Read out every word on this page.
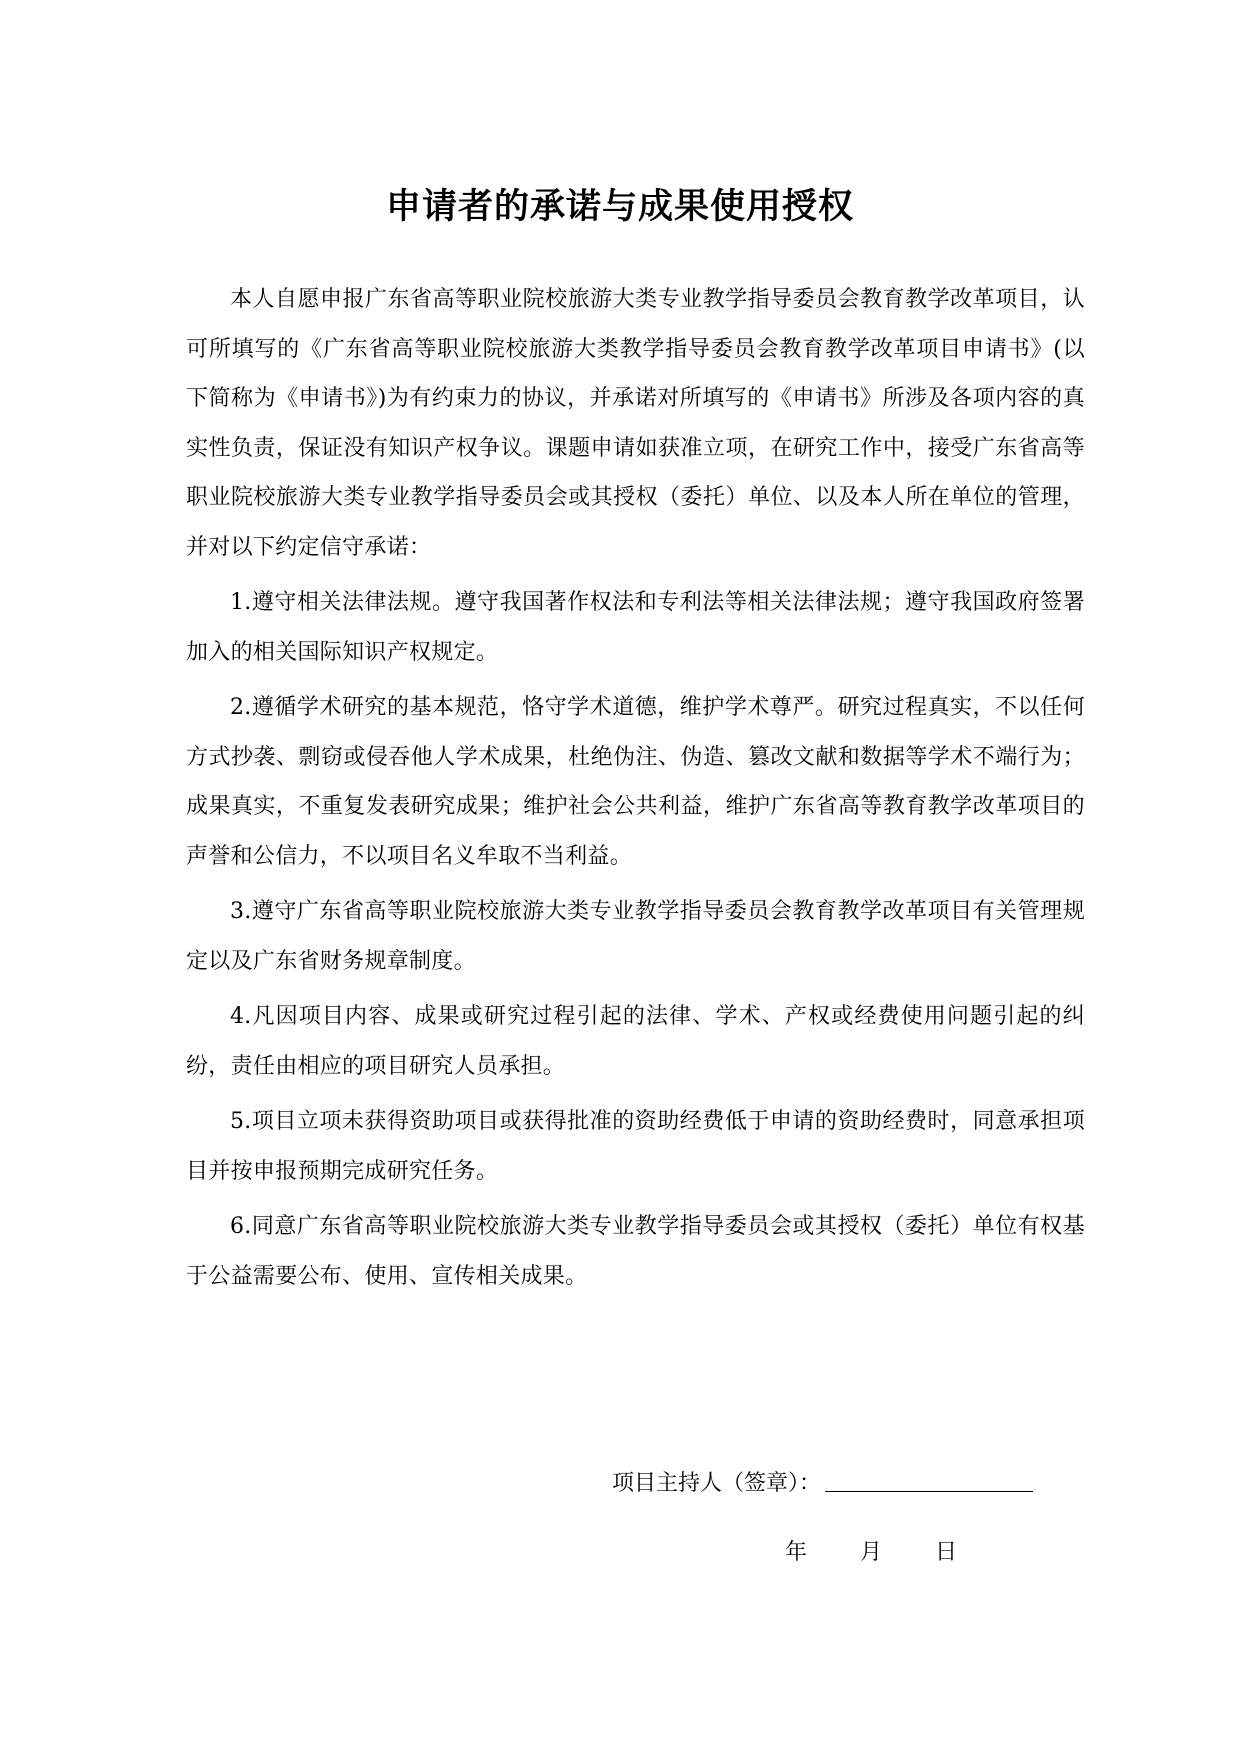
申请者的承诺与成果使用授权

本人自愿申报广东省高等职业院校旅游大类专业教学指导委员会教育教学改革项目，认可所填写的《广东省高等职业院校旅游大类教学指导委员会教育教学改革项目申请书》(以下简称为《申请书》)为有约束力的协议，并承诺对所填写的《申请书》所涉及各项内容的真实性负责，保证没有知识产权争议。课题申请如获准立项，在研究工作中，接受广东省高等职业院校旅游大类专业教学指导委员会或其授权（委托）单位、以及本人所在单位的管理，并对以下约定信守承诺：

1.遵守相关法律法规。遵守我国著作权法和专利法等相关法律法规；遵守我国政府签署加入的相关国际知识产权规定。

2.遵循学术研究的基本规范，恪守学术道德，维护学术尊严。研究过程真实，不以任何方式抄袭、剽窃或侵吞他人学术成果，杜绝伪注、伪造、篡改文献和数据等学术不端行为；成果真实，不重复发表研究成果；维护社会公共利益，维护广东省高等教育教学改革项目的声誉和公信力，不以项目名义牟取不当利益。

3.遵守广东省高等职业院校旅游大类专业教学指导委员会教育教学改革项目有关管理规定以及广东省财务规章制度。

4.凡因项目内容、成果或研究过程引起的法律、学术、产权或经费使用问题引起的纠纷，责任由相应的项目研究人员承担。

5.项目立项未获得资助项目或获得批准的资助经费低于申请的资助经费时，同意承担项目并按申报预期完成研究任务。

6.同意广东省高等职业院校旅游大类专业教学指导委员会或其授权（委托）单位有权基于公益需要公布、使用、宣传相关成果。

项目主持人（签章）：
年 月 日
